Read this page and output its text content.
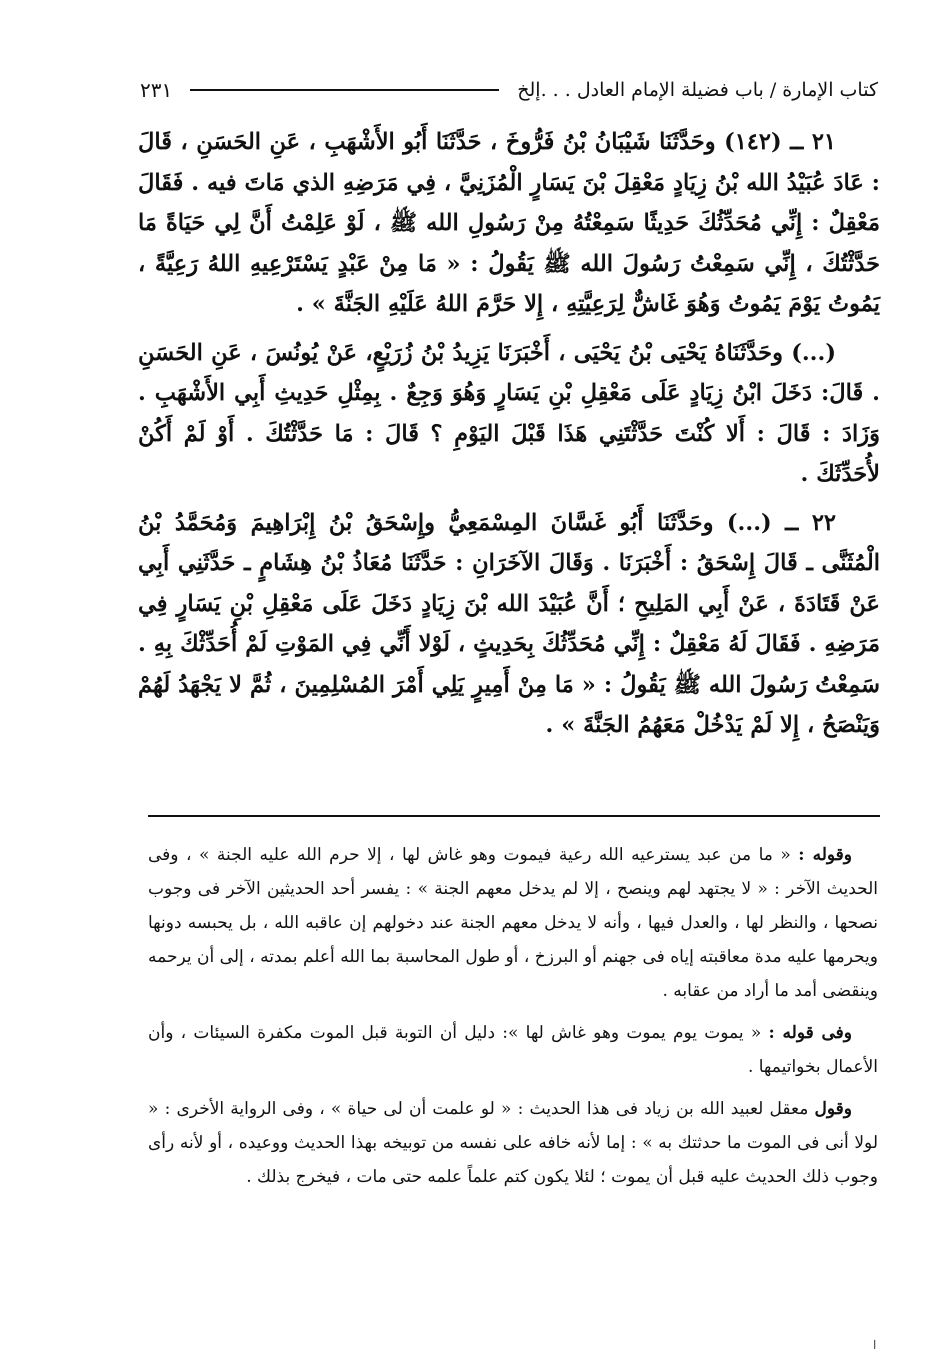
كتاب الإمارة / باب فضيلة الإمام العادل . . .إلخ
٢٣١

٢١ ــ (١٤٢) وحَدَّثَنَا شَيْبَانُ بْنُ فَرُّوخَ ، حَدَّثَنَا أَبُو الأَشْهَبِ ، عَنِ الحَسَنِ ، قَالَ : عَادَ عُبَيْدُ الله بْنُ زِيَادٍ مَعْقِلَ بْنَ يَسَارٍ الْمُزَنِيَّ ، فِي مَرَضِهِ الذي مَاتَ فيه . فَقَالَ مَعْقِلٌ : إِنِّي مُحَدِّثُكَ حَدِيثًا سَمِعْتُهُ مِنْ رَسُولِ الله ﷺ ، لَوْ عَلِمْتُ أَنَّ لِي حَيَاةً مَا حَدَّثْتُكَ ، إِنِّي سَمِعْتُ رَسُولَ الله ﷺ يَقُولُ : « مَا مِنْ عَبْدٍ يَسْتَرْعِيهِ اللهُ رَعِيَّةً ، يَمُوتُ يَوْمَ يَمُوتُ وَهُوَ غَاشٌّ لِرَعِيَّتِهِ ، إِلا حَرَّمَ اللهُ عَلَيْهِ الجَنَّةَ » .

(...) وحَدَّثَنَاهُ يَحْيَى بْنُ يَحْيَى ، أَخْبَرَنَا يَزِيدُ بْنُ زُرَيْعٍ، عَنْ يُونُسَ ، عَنِ الحَسَنِ . قَالَ: دَخَلَ ابْنُ زِيَادٍ عَلَى مَعْقِلِ بْنِ يَسَارٍ وَهُوَ وَجِعٌ . بِمِثْلِ حَدِيثِ أَبِي الأَشْهَبِ . وَزَادَ : قَالَ : أَلا كُنْتَ حَدَّثْتَنِي هَذَا قَبْلَ اليَوْمِ ؟ قَالَ : مَا حَدَّثْتُكَ . أَوْ لَمْ أَكُنْ لأُحَدِّثَكَ .

٢٢ ــ (...) وحَدَّثَنَا أَبُو غَسَّانَ المِسْمَعِيُّ وإِسْحَقُ بْنُ إِبْرَاهِيمَ وَمُحَمَّدُ بْنُ الْمُثَنَّى ـ قَالَ إِسْحَقُ : أَخْبَرَنَا . وَقَالَ الآخَرَانِ : حَدَّثَنَا مُعَاذُ بْنُ هِشَامٍ ـ حَدَّثَنِي أَبِي عَنْ قَتَادَةَ ، عَنْ أَبِي المَلِيحِ ؛ أَنَّ عُبَيْدَ الله بْنَ زِيَادٍ دَخَلَ عَلَى مَعْقِلِ بْنِ يَسَارٍ فِي مَرَضِهِ . فَقَالَ لَهُ مَعْقِلٌ : إِنِّي مُحَدِّثُكَ بِحَدِيثٍ ، لَوْلا أَنِّي فِي المَوْتِ لَمْ أُحَدِّثْكَ بِهِ . سَمِعْتُ رَسُولَ الله ﷺ يَقُولُ : « مَا مِنْ أَمِيرٍ يَلِي أَمْرَ المُسْلِمِينَ ، ثُمَّ لا يَجْهَدُ لَهُمْ وَيَنْصَحُ ، إِلا لَمْ يَدْخُلْ مَعَهُمُ الجَنَّةَ » .

وقوله : « ما من عبد يسترعيه الله رعية فيموت وهو غاش لها ، إلا حرم الله عليه الجنة » ، وفى الحديث الآخر : « لا يجتهد لهم وينصح ، إلا لم يدخل معهم الجنة » : يفسر أحد الحديثين الآخر فى وجوب نصحها ، والنظر لها ، والعدل فيها ، وأنه لا يدخل معهم الجنة عند دخولهم إن عاقبه الله ، بل يحبسه دونها ويحرمها عليه مدة معاقبته إياه فى جهنم أو البرزخ ، أو طول المحاسبة بما الله أعلم بمدته ، إلى أن يرحمه وينقضى أمد ما أراد من عقابه .

وفى قوله : « يموت يوم يموت وهو غاش لها »: دليل أن التوبة قبل الموت مكفرة السيئات ، وأن الأعمال بخواتيمها .

وقول معقل لعبيد الله بن زياد فى هذا الحديث : « لو علمت أن لى حياة » ، وفى الرواية الأخرى : « لولا أنى فى الموت ما حدثتك به » : إما لأنه خافه على نفسه من توبيخه بهذا الحديث ووعيده ، أو لأنه رأى وجوب ذلك الحديث عليه قبل أن يموت ؛ لئلا يكون كتم علماً علمه حتى مات ، فيخرج بذلك .

ا
